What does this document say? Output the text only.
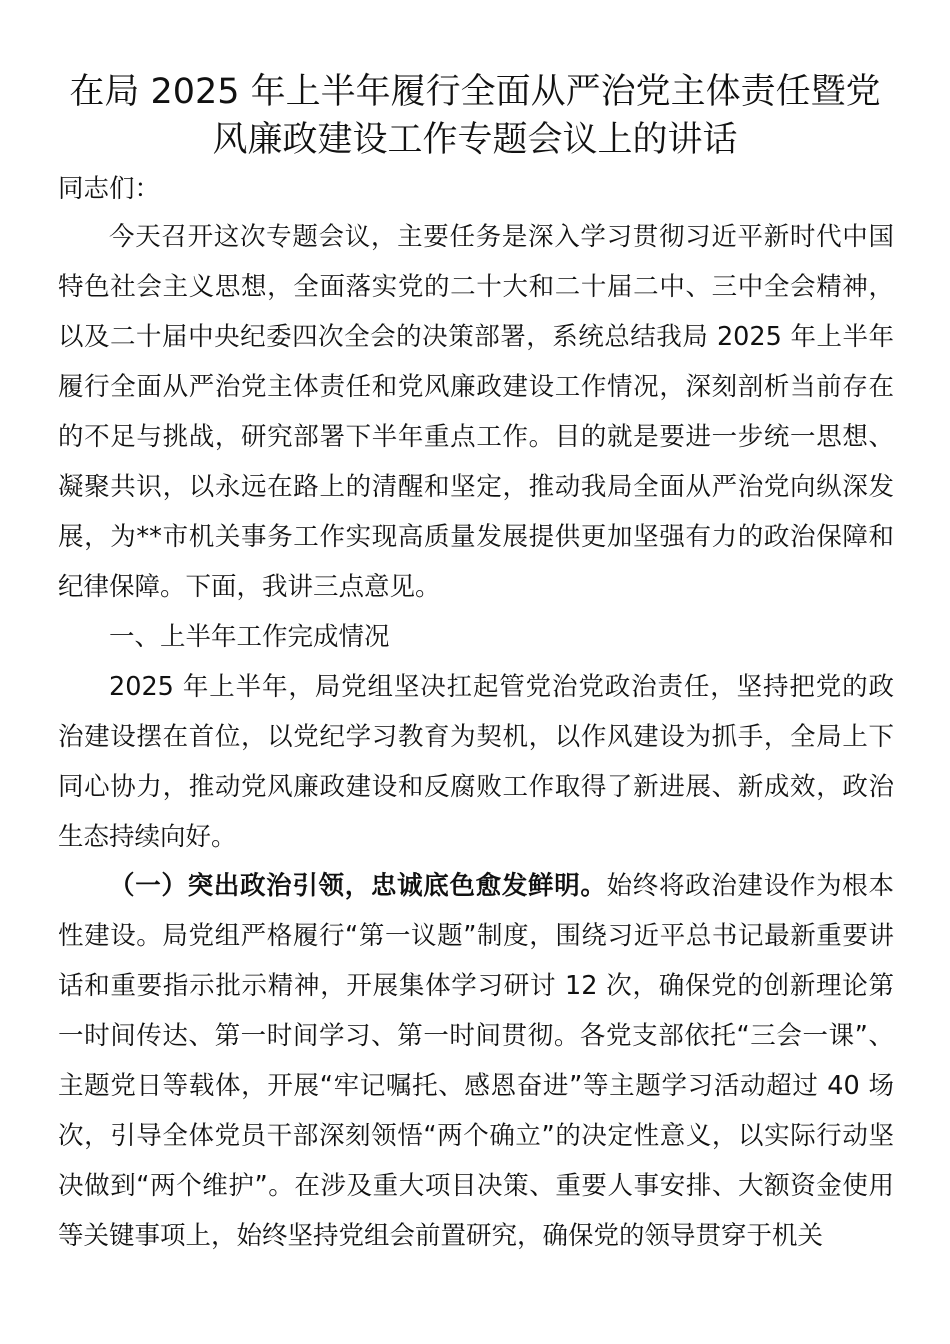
在局 2025 年上半年履行全面从严治党主体责任暨党
风廉政建设工作专题会议上的讲话

同志们：

今天召开这次专题会议，主要任务是深入学习贯彻习近平新时代中国特色社会主义思想，全面落实党的二十大和二十届二中、三中全会精神，以及二十届中央纪委四次全会的决策部署，系统总结我局 2025 年上半年履行全面从严治党主体责任和党风廉政建设工作情况，深刻剖析当前存在的不足与挑战，研究部署下半年重点工作。目的就是要进一步统一思想、凝聚共识，以永远在路上的清醒和坚定，推动我局全面从严治党向纵深发展，为**市机关事务工作实现高质量发展提供更加坚强有力的政治保障和纪律保障。下面，我讲三点意见。

一、上半年工作完成情况

2025 年上半年，局党组坚决扛起管党治党政治责任，坚持把党的政治建设摆在首位，以党纪学习教育为契机，以作风建设为抓手，全局上下同心协力，推动党风廉政建设和反腐败工作取得了新进展、新成效，政治生态持续向好。

（一）突出政治引领，忠诚底色愈发鲜明。始终将政治建设作为根本性建设。局党组严格履行“第一议题”制度，围绕习近平总书记最新重要讲话和重要指示批示精神，开展集体学习研讨 12 次，确保党的创新理论第一时间传达、第一时间学习、第一时间贯彻。各党支部依托“三会一课”、主题党日等载体，开展“牢记嘱托、感恩奋进”等主题学习活动超过 40 场次，引导全体党员干部深刻领悟“两个确立”的决定性意义，以实际行动坚决做到“两个维护”。在涉及重大项目决策、重要人事安排、大额资金使用等关键事项上，始终坚持党组会前置研究，确保党的领导贯穿于机关
